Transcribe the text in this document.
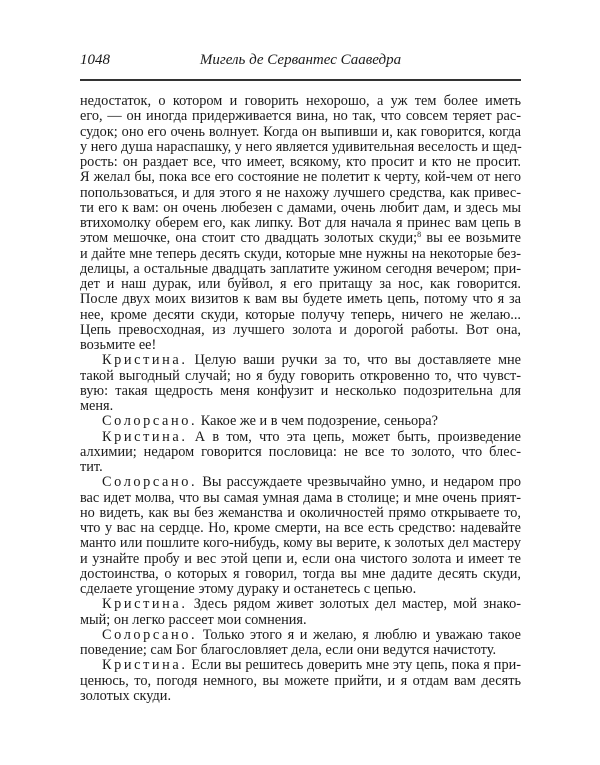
1048	Мигель де Сервантес Сааведра
недостаток, о котором и говорить нехорошо, а уж тем более иметь
его, — он иногда придерживается вина, но так, что совсем теряет рас-
судок; оно его очень волнует. Когда он выпивши и, как говорится, когда
у него душа нараспашку, у него является удивительная веселость и щед-
рость: он раздает все, что имеет, всякому, кто просит и кто не просит.
Я желал бы, пока все его состояние не полетит к черту, кой-чем от него
попользоваться, и для этого я не нахожу лучшего средства, как привес-
ти его к вам: он очень любезен с дамами, очень любит дам, и здесь мы
втихомолку оберем его, как липку. Вот для начала я принес вам цепь в
этом мешочке, она стоит сто двадцать золотых скуди;$^8$ вы ее возьмите
и дайте мне теперь десять скуди, которые мне нужны на некоторые без-
делицы, а остальные двадцать заплатите ужином сегодня вечером; при-
дет и наш дурак, или буйвол, я его притащу за нос, как говорится.
После двух моих визитов к вам вы будете иметь цепь, потому что я за
нее, кроме десяти скуди, которые получу теперь, ничего не желаю...
Цепь превосходная, из лучшего золота и дорогой работы. Вот она,
возьмите ее!
Кристина. Целую ваши ручки за то, что вы доставляете мне
такой выгодный случай; но я буду говорить откровенно то, что чувст-
вую: такая щедрость меня конфузит и несколько подозрительна для
меня.
Солорсано. Какое же и в чем подозрение, сеньора?
Кристина. А в том, что эта цепь, может быть, произведение
алхимии; недаром говорится пословица: не все то золото, что блес-
тит.
Солорсано. Вы рассуждаете чрезвычайно умно, и недаром про
вас идет молва, что вы самая умная дама в столице; и мне очень прият-
но видеть, как вы без жеманства и околичностей прямо открываете то,
что у вас на сердце. Но, кроме смерти, на все есть средство: надевайте
манто или пошлите кого-нибудь, кому вы верите, к золотых дел мастеру
и узнайте пробу и вес этой цепи и, если она чистого золота и имеет те
достоинства, о которых я говорил, тогда вы мне дадите десять скуди,
сделаете угощение этому дураку и останетесь с цепью.
Кристина. Здесь рядом живет золотых дел мастер, мой знако-
мый; он легко рассеет мои сомнения.
Солорсано. Только этого я и желаю, я люблю и уважаю такое
поведение; сам Бог благословляет дела, если они ведутся начистоту.
Кристина. Если вы решитесь доверить мне эту цепь, пока я при-
ценюсь, то, погодя немного, вы можете прийти, и я отдам вам десять
золотых скуди.
